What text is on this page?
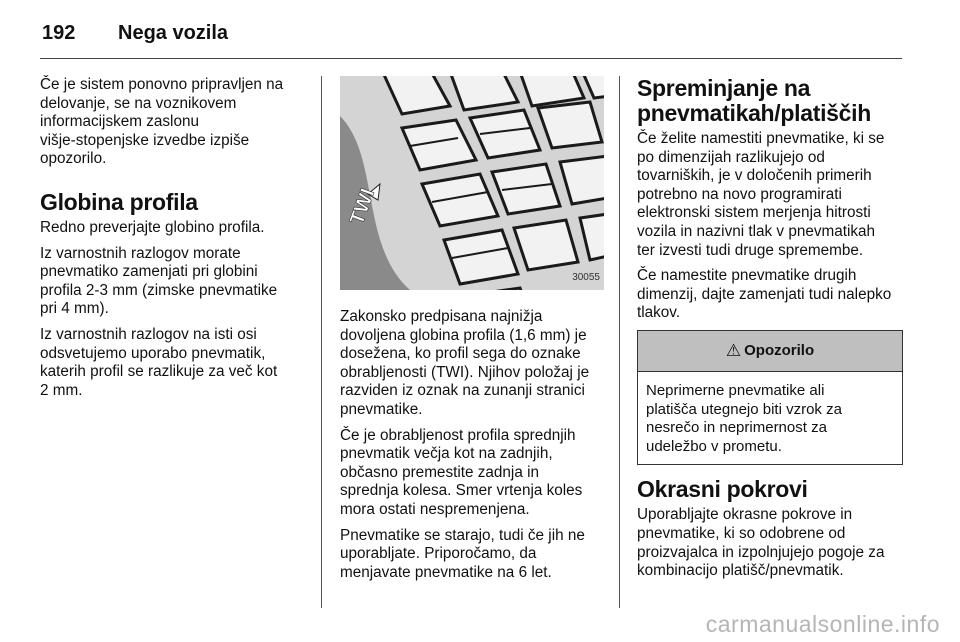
192	Nega vozila

Če je sistem ponovno pripravljen na
delovanje, se na voznikovem
informacijskem zaslonu
višje-stopenjske izvedbe izpiše
opozorilo.

Globina profila

Redno preverjajte globino profila.

Iz varnostnih razlogov morate
pnevmatiko zamenjati pri globini
profila 2-3 mm (zimske pnevmatike
pri 4 mm).

Iz varnostnih razlogov na isti osi
odsvetujemo uporabo pnevmatik,
katerih profil se razlikuje za več kot
2 mm.

TWI
30055

Zakonsko predpisana najnižja
dovoljena globina profila (1,6 mm) je
dosežena, ko profil sega do oznake
obrabljenosti (TWI). Njihov položaj je
razviden iz oznak na zunanji stranici
pnevmatike.

Če je obrabljenost profila sprednjih
pnevmatik večja kot na zadnjih,
občasno premestite zadnja in
sprednja kolesa. Smer vrtenja koles
mora ostati nespremenjena.

Pnevmatike se starajo, tudi če jih ne
uporabljate. Priporočamo, da
menjavate pnevmatike na 6 let.

Spreminjanje na
pnevmatikah/platiščih

Če želite namestiti pnevmatike, ki se
po dimenzijah razlikujejo od
tovarniških, je v določenih primerih
potrebno na novo programirati
elektronski sistem merjenja hitrosti
vozila in nazivni tlak v pnevmatikah
ter izvesti tudi druge spremembe.

Če namestite pnevmatike drugih
dimenzij, dajte zamenjati tudi nalepko
tlakov.

⚠ Opozorilo
Neprimerne pnevmatike ali
platišča utegnejo biti vzrok za
nesrečo in neprimernost za
udeležbo v prometu.
Okrasni pokrovi

Uporabljajte okrasne pokrove in
pnevmatike, ki so odobrene od
proizvajalca in izpolnjujejo pogoje za
kombinacijo platišč/pnevmatik.

carmanualsonline.info
